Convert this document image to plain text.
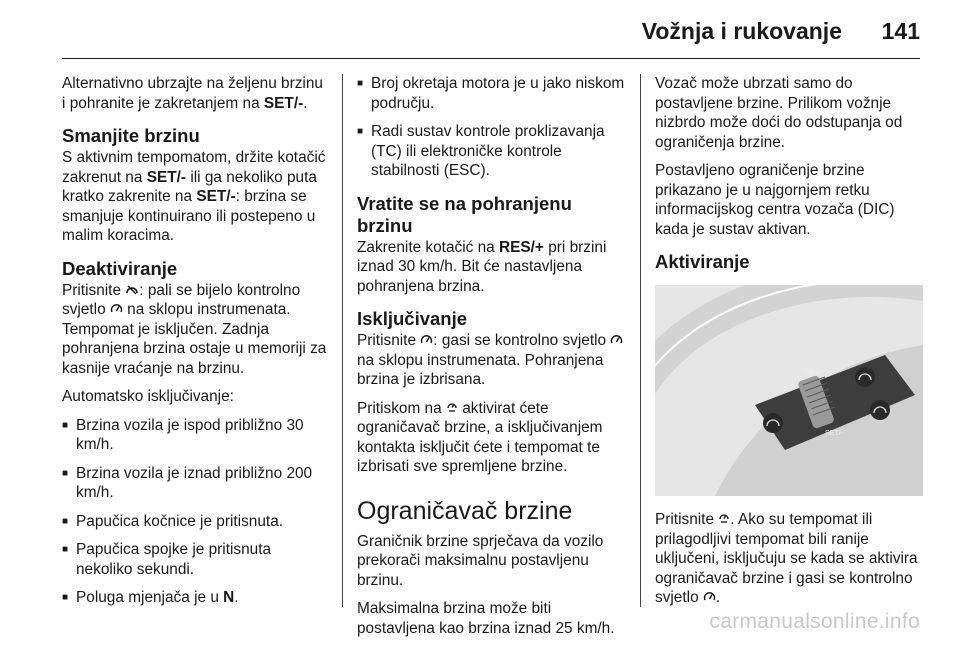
Vožnja i rukovanje 141

Alternativno ubrzajte na željenu brzinu i pohranite je zakretanjem na SET/-.

Smanjite brzinu

S aktivnim tempomatom, držite kotačić zakrenut na SET/- ili ga nekoliko puta kratko zakrenite na SET/-: brzina se smanjuje kontinuirano ili postepeno u malim koracima.

Deaktiviranje

Pritisnite : pali se bijelo kontrolno svjetlo  na sklopu instrumenata. Tempomat je isključen. Zadnja pohranjena brzina ostaje u memoriji za kasnije vraćanje na brzinu.

Automatsko isključivanje:

■ Brzina vozila je ispod približno 30 km/h.
■ Brzina vozila je iznad približno 200 km/h.
■ Papučica kočnice je pritisnuta.
■ Papučica spojke je pritisnuta nekoliko sekundi.
■ Poluga mjenjača je u N.
■ Broj okretaja motora je u jako niskom području.
■ Radi sustav kontrole proklizavanja (TC) ili elektroničke kontrole stabilnosti (ESC).
Vratite se na pohranjenu brzinu

Zakrenite kotačić na RES/+ pri brzini iznad 30 km/h. Bit će nastavljena pohranjena brzina.

Isključivanje

Pritisnite : gasi se kontrolno svjetlo  na sklopu instrumenata. Pohranjena brzina je izbrisana.

Pritiskom na  aktivirat ćete ograničavač brzine, a isključivanjem kontakta isključit ćete i tempomat te izbrisati sve spremljene brzine.

Ograničavač brzine

Graničnik brzine sprječava da vozilo prekorači maksimalnu postavljenu brzinu.

Maksimalna brzina može biti postavljena kao brzina iznad 25 km/h.

Vozač može ubrzati samo do postavljene brzine. Prilikom vožnje nizbrdo može doći do odstupanja od ograničenja brzine.

Postavljeno ograničenje brzine prikazano je u najgornjem retku informacijskog centra vozača (DIC) kada je sustav aktivan.

Aktiviranje
RES/+
SET/-

Pritisnite . Ako su tempomat ili prilagodljivi tempomat bili ranije uključeni, isključuju se kada se aktivira ograničavač brzine i gasi se kontrolno svjetlo .

carmanualsonline.info
